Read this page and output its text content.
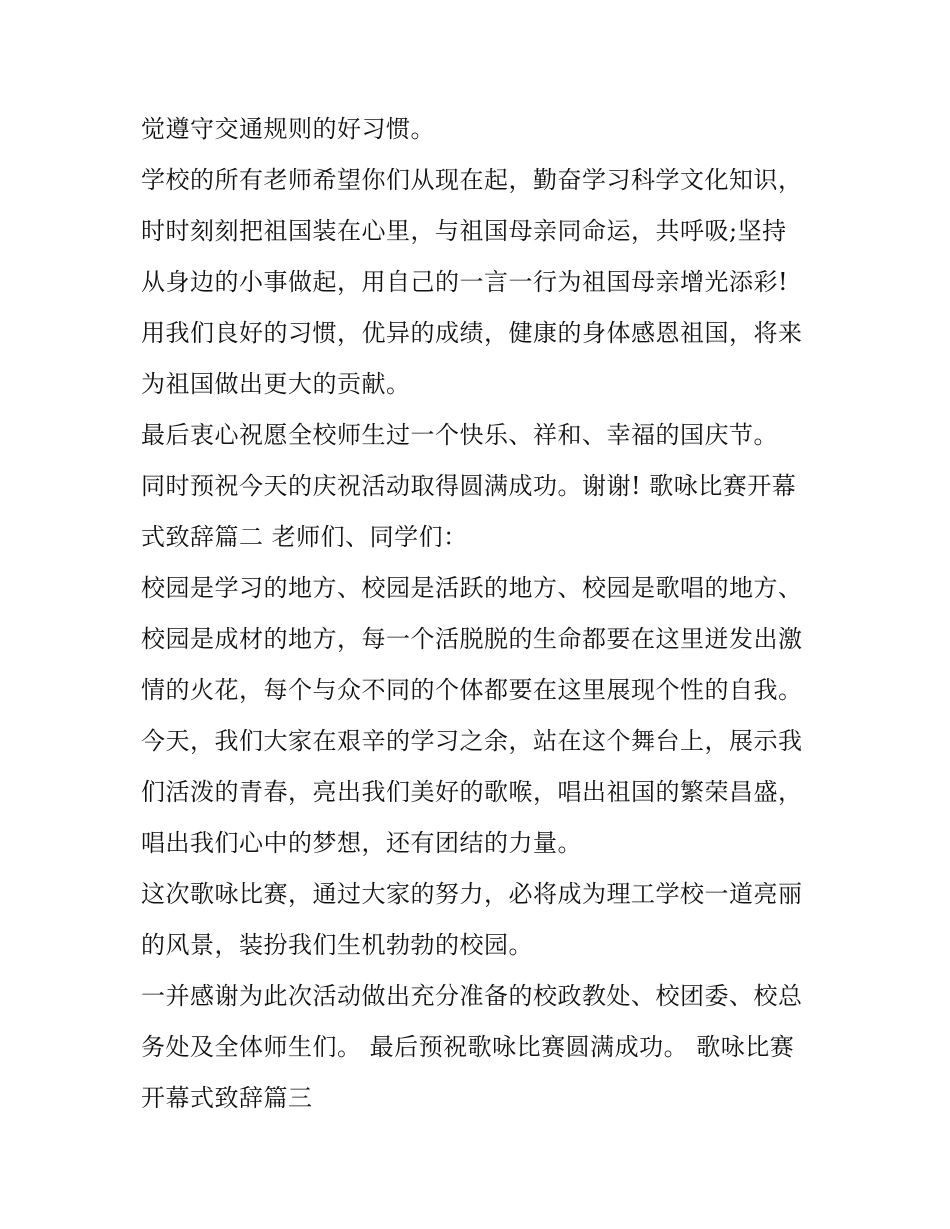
觉遵守交通规则的好习惯。
学校的所有老师希望你们从现在起，勤奋学习科学文化知识，
时时刻刻把祖国装在心里，与祖国母亲同命运，共呼吸;坚持
从身边的小事做起，用自己的一言一行为祖国母亲增光添彩!
用我们良好的习惯，优异的成绩，健康的身体感恩祖国，将来
为祖国做出更大的贡献。
最后衷心祝愿全校师生过一个快乐、祥和、幸福的国庆节。
同时预祝今天的庆祝活动取得圆满成功。谢谢! 歌咏比赛开幕
式致辞篇二 老师们、同学们：
校园是学习的地方、校园是活跃的地方、校园是歌唱的地方、
校园是成材的地方，每一个活脱脱的生命都要在这里迸发出激
情的火花，每个与众不同的个体都要在这里展现个性的自我。
今天，我们大家在艰辛的学习之余，站在这个舞台上，展示我
们活泼的青春，亮出我们美好的歌喉，唱出祖国的繁荣昌盛，
唱出我们心中的梦想，还有团结的力量。
这次歌咏比赛，通过大家的努力，必将成为理工学校一道亮丽
的风景，装扮我们生机勃勃的校园。
一并感谢为此次活动做出充分准备的校政教处、校团委、校总
务处及全体师生们。 最后预祝歌咏比赛圆满成功。 歌咏比赛
开幕式致辞篇三
